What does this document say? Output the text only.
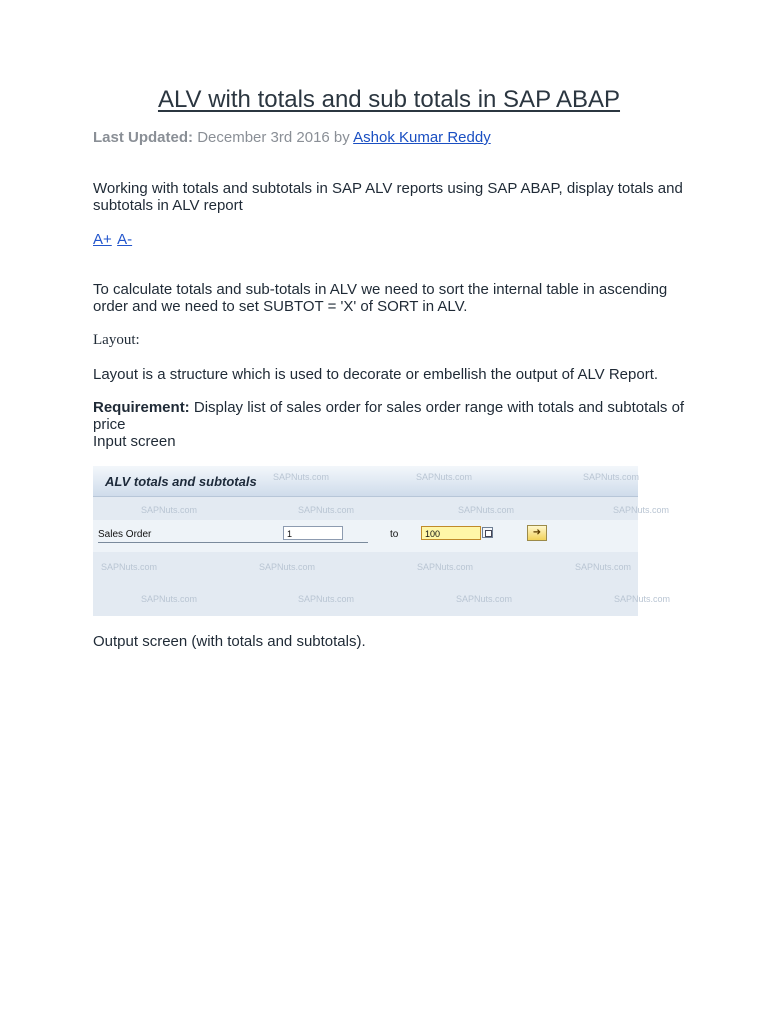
ALV with totals and sub totals in SAP ABAP
Last Updated: December 3rd 2016 by Ashok Kumar Reddy

Working with totals and subtotals in SAP ALV reports using SAP ABAP, display totals and subtotals in ALV report

A+ A-

To calculate totals and sub-totals in ALV we need to sort the internal table in ascending order and we need to set SUBTOT = 'X' of SORT in ALV.

Layout:

Layout is a structure which is used to decorate or embellish the output of ALV Report.

Requirement: Display list of sales order for sales order range with totals and subtotals of price
Input screen

ALV totals and subtotals SAPNuts.com	SAPNuts.com	SAPNuts.com
SAPNuts.com	SAPNuts.com	SAPNuts.com	SAPNuts.com
SAPNuts.com	SAPNuts.com	SAPNuts.com	SAPNuts.com
SAPNuts.com	SAPNuts.com	SAPNuts.com	SAPNuts.com
Sales Order	1	to	100	➜

Output screen (with totals and subtotals).
